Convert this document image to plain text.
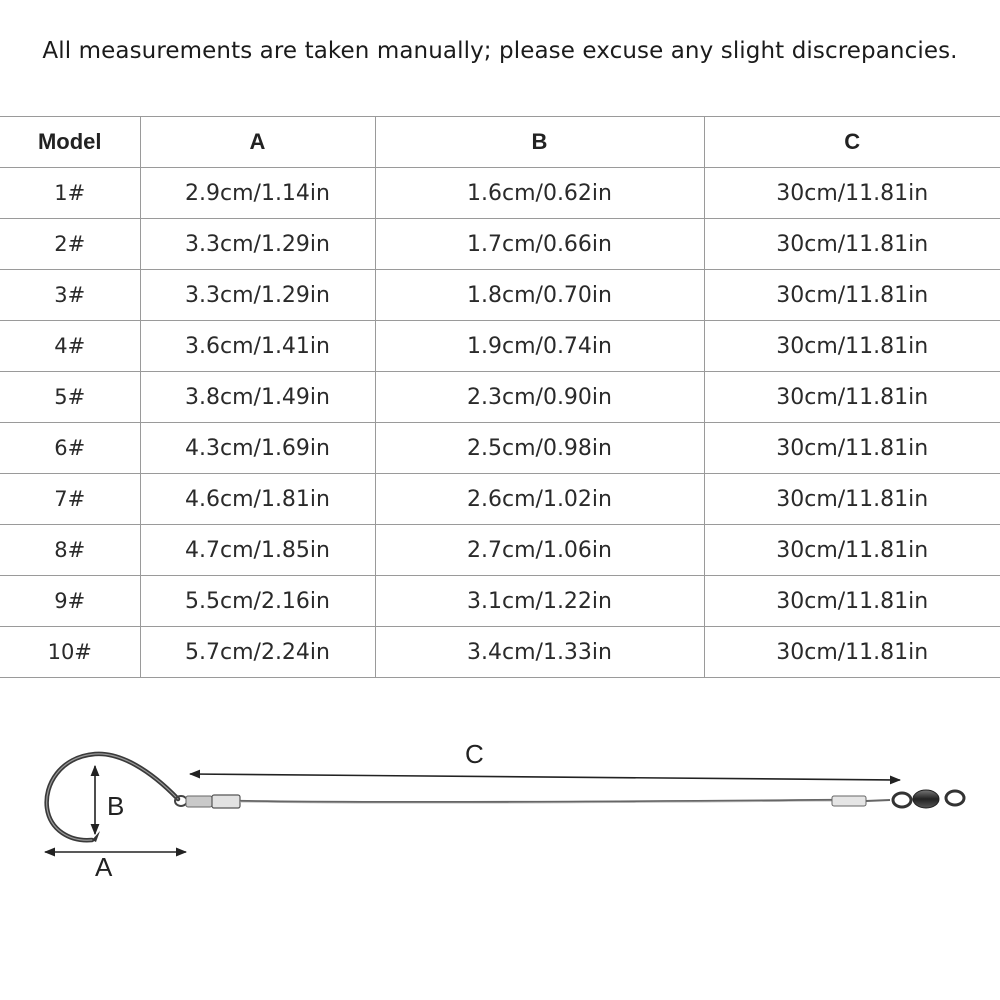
All measurements are taken manually; please excuse any slight discrepancies.
Model	A	B	C
1#	2.9cm/1.14in	1.6cm/0.62in	30cm/11.81in
2#	3.3cm/1.29in	1.7cm/0.66in	30cm/11.81in
3#	3.3cm/1.29in	1.8cm/0.70in	30cm/11.81in
4#	3.6cm/1.41in	1.9cm/0.74in	30cm/11.81in
5#	3.8cm/1.49in	2.3cm/0.90in	30cm/11.81in
6#	4.3cm/1.69in	2.5cm/0.98in	30cm/11.81in
7#	4.6cm/1.81in	2.6cm/1.02in	30cm/11.81in
8#	4.7cm/1.85in	2.7cm/1.06in	30cm/11.81in
9#	5.5cm/2.16in	3.1cm/1.22in	30cm/11.81in
10#	5.7cm/2.24in	3.4cm/1.33in	30cm/11.81in
B
A
C
